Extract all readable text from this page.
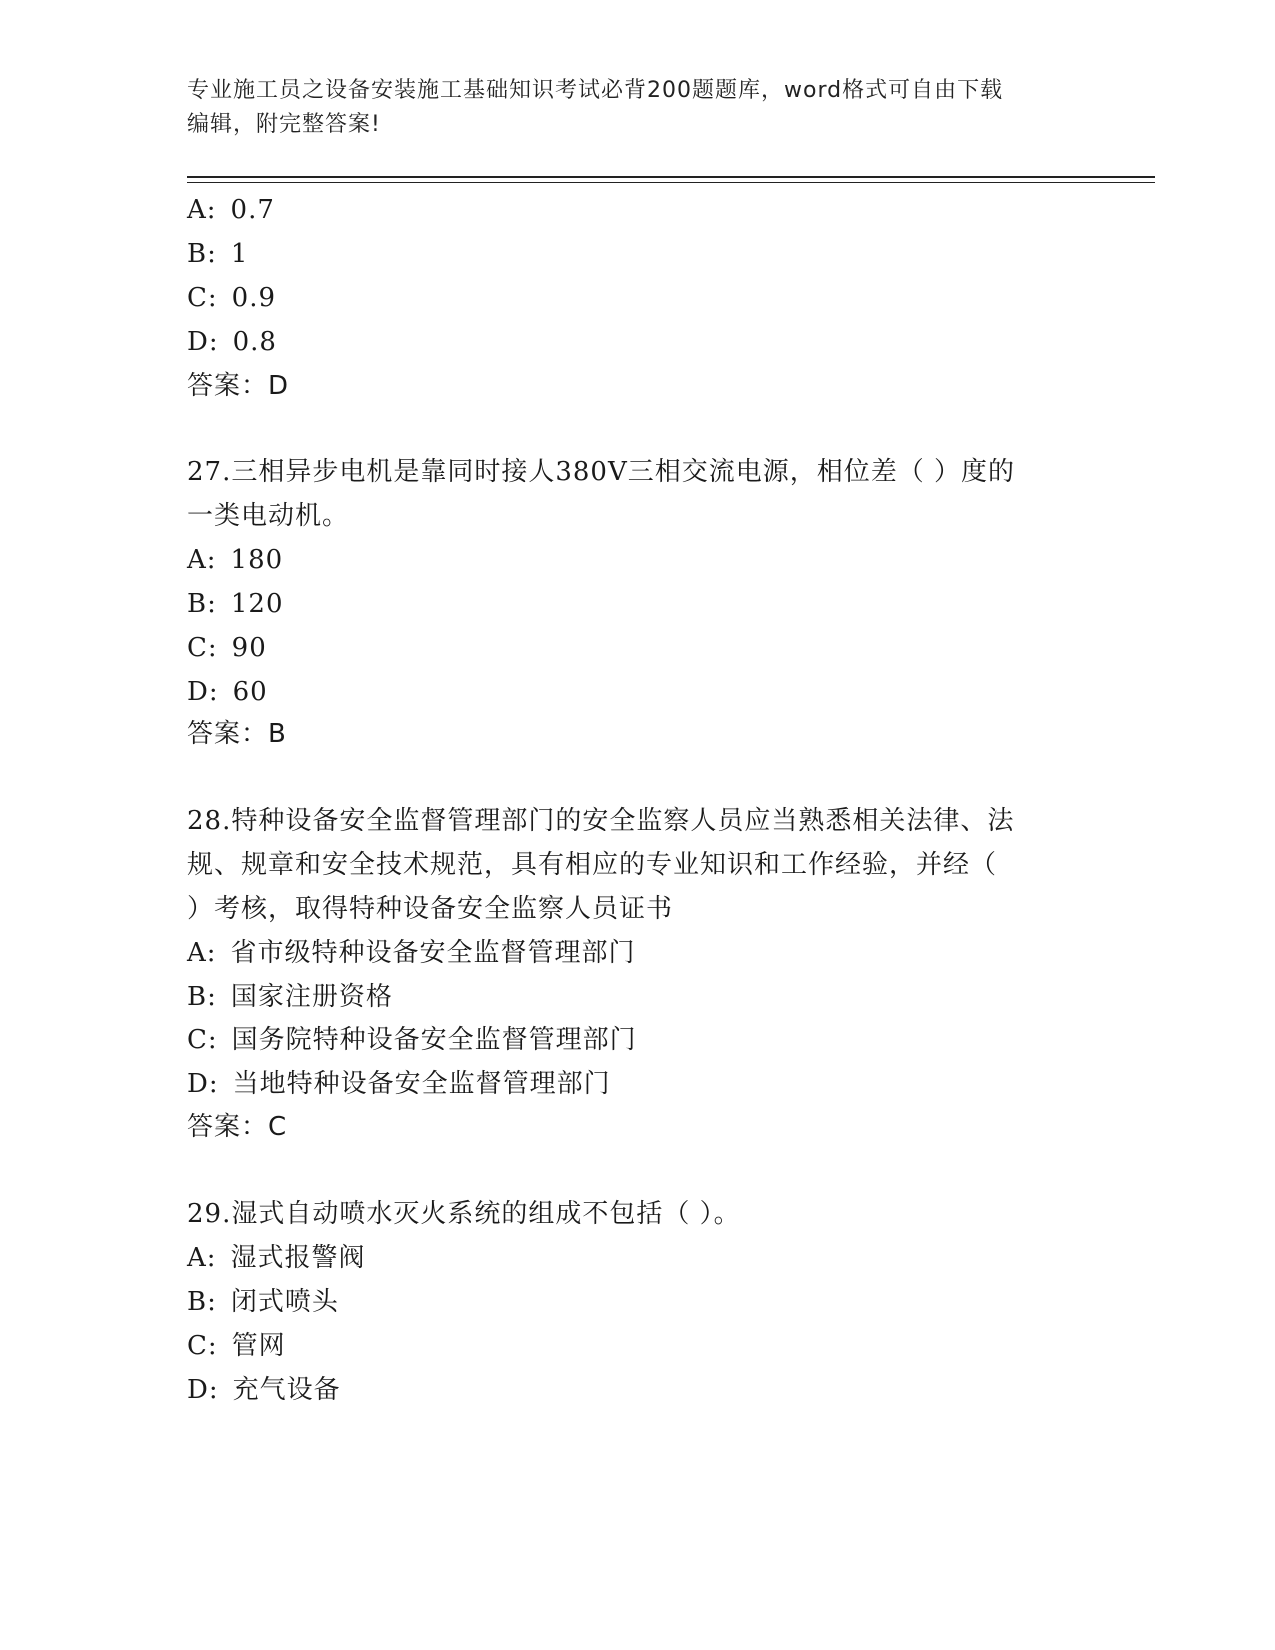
专业施工员之设备安装施工基础知识考试必背200题题库，word格式可自由下载
编辑，附完整答案!
A: 0.7
B: 1
C: 0.9
D: 0.8
答案：D
27.三相异步电机是靠同时接人380V三相交流电源，相位差（ ）度的
一类电动机。
A: 180
B: 120
C: 90
D: 60
答案：B
28.特种设备安全监督管理部门的安全监察人员应当熟悉相关法律、法
规、规章和安全技术规范，具有相应的专业知识和工作经验，并经（
）考核，取得特种设备安全监察人员证书
A: 省市级特种设备安全监督管理部门
B: 国家注册资格
C: 国务院特种设备安全监督管理部门
D: 当地特种设备安全监督管理部门
答案：C
29.湿式自动喷水灭火系统的组成不包括（ ）。
A: 湿式报警阀
B: 闭式喷头
C: 管网
D: 充气设备
